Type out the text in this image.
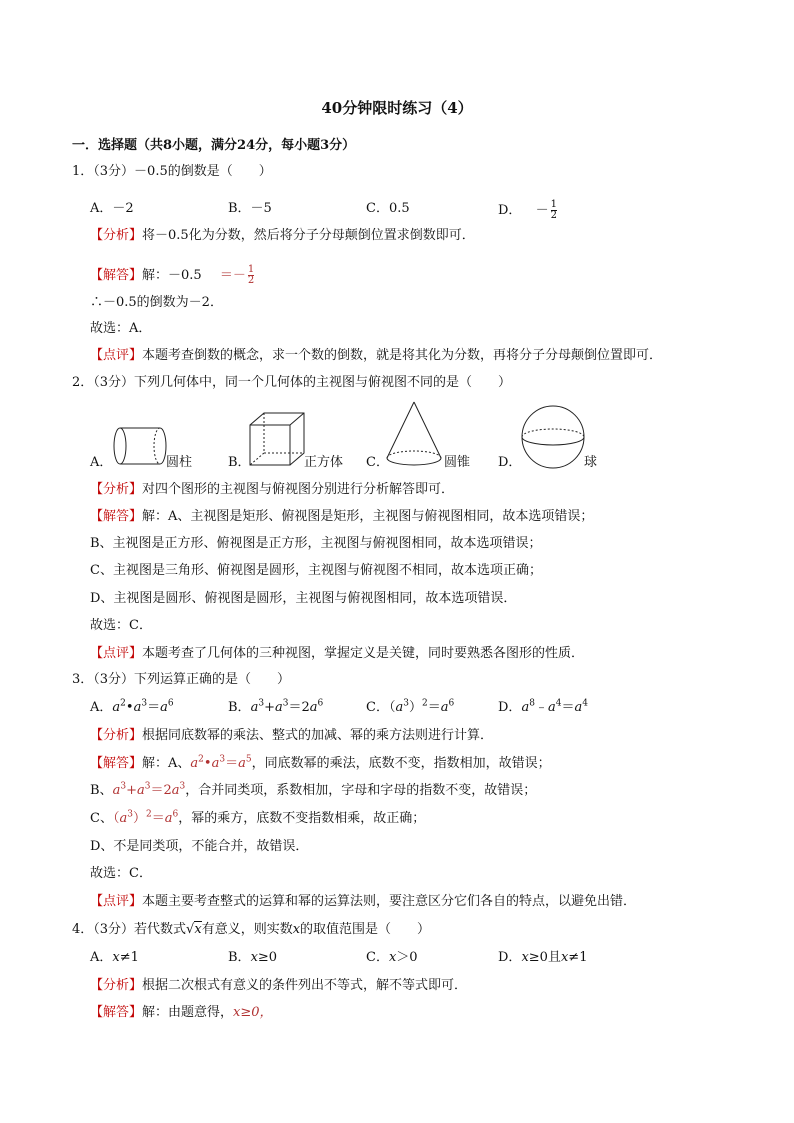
40分钟限时练习（4）
一．选择题（共8小题，满分24分，每小题3分）
1．（3分）－0.5的倒数是（　　）
A．－2	B．－5	C．0.5	D． － $\frac{1}{2}$
【分析】将－0.5化为分数，然后将分子分母颠倒位置求倒数即可．
【解答】解：$-0.5 =- \frac{1}{2}$
∴－0.5的倒数为－2．
故选：A．
【点评】本题考查倒数的概念，求一个数的倒数，就是将其化为分数，再将分子分母颠倒位置即可．
2．（3分）下列几何体中，同一个几何体的主视图与俯视图不同的是（　　）
A．	圆柱	B．	正方体 C．	圆锥 D．	球
【分析】对四个图形的主视图与俯视图分别进行分析解答即可．
【解答】解：A、主视图是矩形、俯视图是矩形，主视图与俯视图相同，故本选项错误；
B、主视图是正方形、俯视图是正方形，主视图与俯视图相同，故本选项错误；
C、主视图是三角形、俯视图是圆形，主视图与俯视图不相同，故本选项正确；
D、主视图是圆形、俯视图是圆形，主视图与俯视图相同，故本选项错误．
故选：C．
【点评】本题考查了几何体的三种视图，掌握定义是关键，同时要熟悉各图形的性质．
3．（3分）下列运算正确的是（　　）
A．$a^2•a^3=a^6$	B．$a^3+a^3=2a^6$	C．$(a^3)^2=a^6$	D．$a^8﹣a^4=a^4$
【分析】根据同底数幂的乘法、整式的加减、幂的乘方法则进行计算．
【解答】解：A、$a^2•a^3=a^5$，同底数幂的乘法，底数不变，指数相加，故错误；
B、$a^3+a^3=2a^3$，合并同类项，系数相加，字母和字母的指数不变，故错误；
C、$(a^3)^2=a^6$，幂的乘方，底数不变指数相乘，故正确；
D、不是同类项，不能合并，故错误．
故选：C．
【点评】本题主要考查整式的运算和幂的运算法则，要注意区分它们各自的特点，以避免出错．
4．（3分）若代数式√x有意义，则实数x的取值范围是（　　）
A．x≠1	B．x≥0	C．x＞0	D．x≥0且x≠1
【分析】根据二次根式有意义的条件列出不等式，解不等式即可．
【解答】解：由题意得，x≥0，
